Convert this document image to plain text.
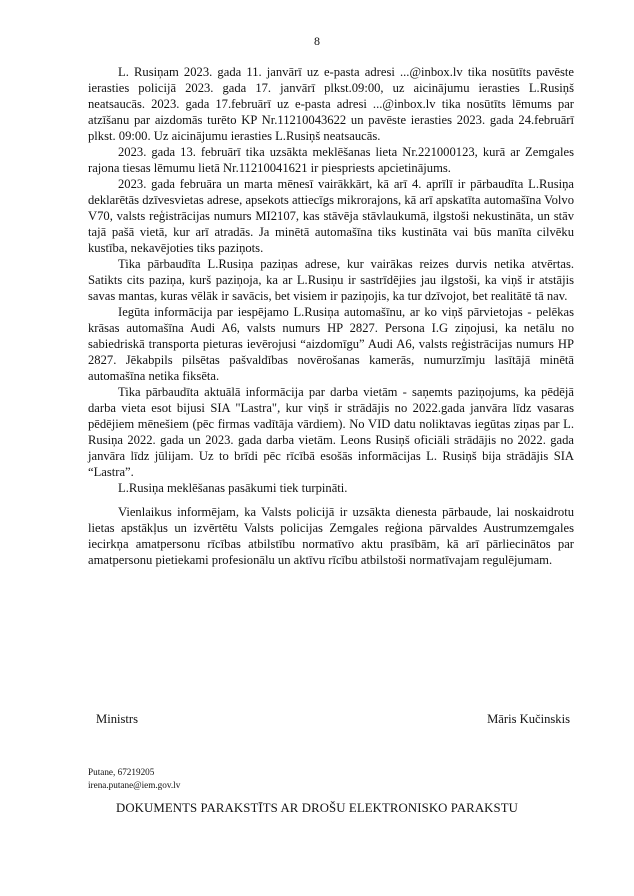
8

L. Rusiņam 2023. gada 11. janvārī uz e-pasta adresi ...@inbox.lv tika nosūtīts pavēste ierasties policijā 2023. gada 17. janvārī plkst.09:00, uz aicinājumu ierasties L.Rusiņš neatsaucās. 2023. gada 17.februārī uz e-pasta adresi ...@inbox.lv tika nosūtīts lēmums par atzīšanu par aizdomās turēto KP Nr.11210043622 un pavēste ierasties 2023. gada 24.februārī plkst. 09:00. Uz aicinājumu ierasties L.Rusiņš neatsaucās.

2023. gada 13. februārī tika uzsākta meklēšanas lieta Nr.221000123, kurā ar Zemgales rajona tiesas lēmumu lietā Nr.11210041621 ir piespriests apcietinājums.

2023. gada februāra un marta mēnesī vairākkārt, kā arī 4. aprīlī ir pārbaudīta L.Rusiņa deklarētās dzīvesvietas adrese, apsekots attiecīgs mikrorajons, kā arī apskatīta automašīna Volvo V70, valsts reģistrācijas numurs MI2107, kas stāvēja stāvlaukumā, ilgstoši nekustināta, un stāv tajā pašā vietā, kur arī atradās. Ja minētā automašīna tiks kustināta vai būs manīta cilvēku kustība, nekavējoties tiks paziņots.

Tika pārbaudīta L.Rusiņa paziņas adrese, kur vairākas reizes durvis netika atvērtas. Satikts cits paziņa, kurš paziņoja, ka ar L.Rusiņu ir sastrīdējies jau ilgstoši, ka viņš ir atstājis savas mantas, kuras vēlāk ir savācis, bet visiem ir paziņojis, ka tur dzīvojot, bet realitātē tā nav.

Iegūta informācija par iespējamo L.Rusiņa automašīnu, ar ko viņš pārvietojas - pelēkas krāsas automašīna Audi A6, valsts numurs HP 2827. Persona I.G ziņojusi, ka netālu no sabiedriskā transporta pieturas ievērojusi “aizdomīgu” Audi A6, valsts reģistrācijas numurs HP 2827. Jēkabpils pilsētas pašvaldības novērošanas kamerās, numurzīmju lasītājā minētā automašīna netika fiksēta.

Tika pārbaudīta aktuālā informācija par darba vietām - saņemts paziņojums, ka pēdējā darba vieta esot bijusi SIA "Lastra", kur viņš ir strādājis no 2022.gada janvāra līdz vasaras pēdējiem mēnešiem (pēc firmas vadītāja vārdiem). No VID datu noliktavas iegūtas ziņas par L. Rusiņa 2022. gada un 2023. gada darba vietām. Leons Rusiņš oficiāli strādājis no 2022. gada janvāra līdz jūlijam. Uz to brīdi pēc rīcībā esošās informācijas L. Rusiņš bija strādājis SIA “Lastra”.

L.Rusiņa meklēšanas pasākumi tiek turpināti.

Vienlaikus informējam, ka Valsts policijā ir uzsākta dienesta pārbaude, lai noskaidrotu lietas apstākļus un izvērtētu Valsts policijas Zemgales reģiona pārvaldes Austrumzemgales iecirkņa amatpersonu rīcības atbilstību normatīvo aktu prasībām, kā arī pārliecinātos par amatpersonu pietiekami profesionālu un aktīvu rīcību atbilstoši normatīvajam regulējumam.

Ministrs	Māris Kučinskis
Putane, 67219205
irena.putane@iem.gov.lv
DOKUMENTS PARAKSTĪTS AR DROŠU ELEKTRONISKO PARAKSTU
